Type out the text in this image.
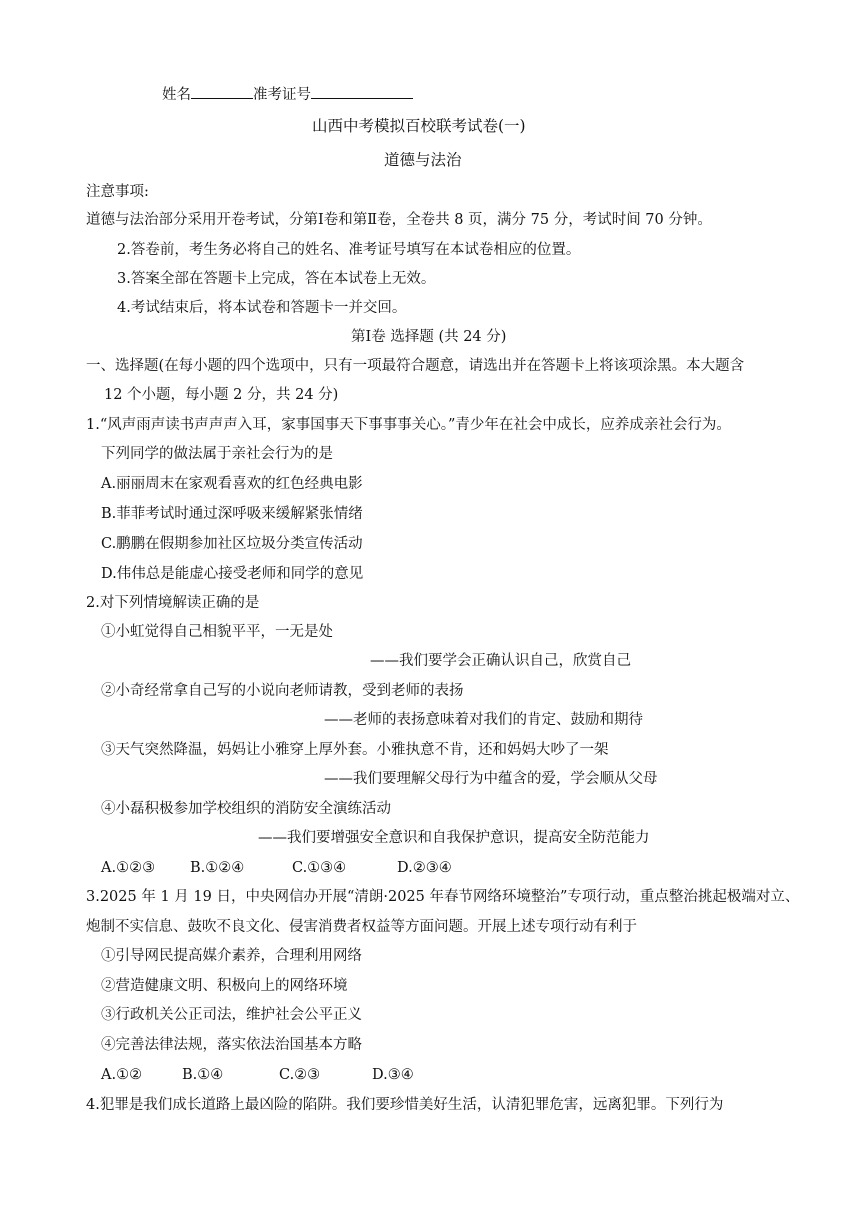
姓名	准考证号
山西中考模拟百校联考试卷(一)
道德与法治
注意事项:
道德与法治部分采用开卷考试，分第Ⅰ卷和第Ⅱ卷，全卷共 8 页，满分 75 分，考试时间 70 分钟。
2.答卷前，考生务必将自己的姓名、准考证号填写在本试卷相应的位置。
3.答案全部在答题卡上完成，答在本试卷上无效。
4.考试结束后，将本试卷和答题卡一并交回。
第Ⅰ卷 选择题 (共 24 分)
一、选择题(在每小题的四个选项中，只有一项最符合题意，请选出并在答题卡上将该项涂黑。本大题含
12 个小题，每小题 2 分，共 24 分)
1.“风声雨声读书声声声入耳，家事国事天下事事事关心。”青少年在社会中成长，应养成亲社会行为。
下列同学的做法属于亲社会行为的是
A.丽丽周末在家观看喜欢的红色经典电影
B.菲菲考试时通过深呼吸来缓解紧张情绪
C.鹏鹏在假期参加社区垃圾分类宣传活动
D.伟伟总是能虚心接受老师和同学的意见
2.对下列情境解读正确的是
①小虹觉得自己相貌平平，一无是处
——我们要学会正确认识自己，欣赏自己
②小奇经常拿自己写的小说向老师请教，受到老师的表扬
——老师的表扬意味着对我们的肯定、鼓励和期待
③天气突然降温，妈妈让小雅穿上厚外套。小雅执意不肯，还和妈妈大吵了一架
——我们要理解父母行为中蕴含的爱，学会顺从父母
④小磊积极参加学校组织的消防安全演练活动
——我们要增强安全意识和自我保护意识，提高安全防范能力
A.①②③ B.①②④	C.①③④	D.②③④
3.2025 年 1 月 19 日，中央网信办开展“清朗·2025 年春节网络环境整治”专项行动，重点整治挑起极端对立、
炮制不实信息、鼓吹不良文化、侵害消费者权益等方面问题。开展上述专项行动有利于
①引导网民提高媒介素养，合理利用网络
②营造健康文明、积极向上的网络环境
③行政机关公正司法，维护社会公平正义
④完善法律法规，落实依法治国基本方略
A.①②	B.①④	C.②③	D.③④
4.犯罪是我们成长道路上最凶险的陷阱。我们要珍惜美好生活，认清犯罪危害，远离犯罪。下列行为
